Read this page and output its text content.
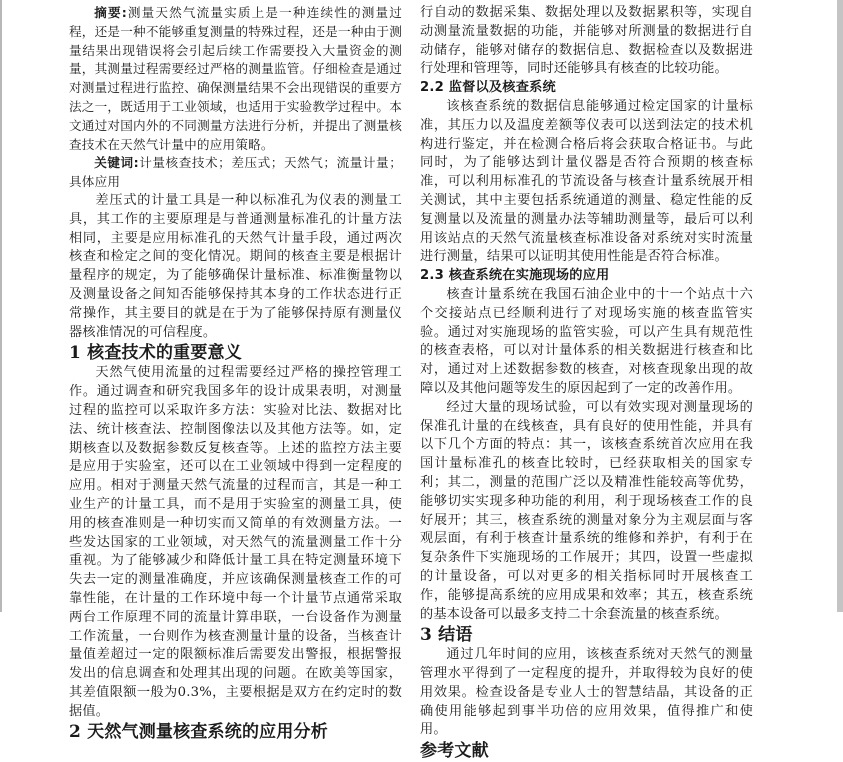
摘要:测量天然气流量实质上是一种连续性的测量过程，还是一种不能够重复测量的特殊过程，还是一种由于测量结果出现错误将会引起后续工作需要投入大量资金的测量，其测量过程需要经过严格的测量监管。仔细检查是通过对测量过程进行监控、确保测量结果不会出现错误的重要方法之一，既适用于工业领域，也适用于实验教学过程中。本文通过对国内外的不同测量方法进行分析，并提出了测量核查技术在天然气计量中的应用策略。

关键词:计量核查技术；差压式；天然气；流量计量；具体应用

差压式的计量工具是一种以标准孔为仪表的测量工具，其工作的主要原理是与普通测量标准孔的计量方法相同，主要是应用标准孔的天然气计量手段，通过两次核查和检定之间的变化情况。期间的核查主要是根据计量程序的规定，为了能够确保计量标准、标准衡量物以及测量设备之间知否能够保持其本身的工作状态进行正常操作，其主要目的就是在于为了能够保持原有测量仪器核准情况的可信程度。

1 核查技术的重要意义

天然气使用流量的过程需要经过严格的操控管理工作。通过调查和研究我国多年的设计成果表明，对测量过程的监控可以采取许多方法：实验对比法、数据对比法、统计核查法、控制图像法以及其他方法等。如，定期核查以及数据参数反复核查等。上述的监控方法主要是应用于实验室，还可以在工业领域中得到一定程度的应用。相对于测量天然气流量的过程而言，其是一种工业生产的计量工具，而不是用于实验室的测量工具，使用的核查准则是一种切实而又简单的有效测量方法。一些发达国家的工业领域，对天然气的流量测量工作十分重视。为了能够减少和降低计量工具在特定测量环境下失去一定的测量准确度，并应该确保测量核查工作的可靠性能，在计量的工作环境中每一个计量节点通常采取两台工作原理不同的流量计算串联，一台设备作为测量工作流量，一台则作为核查测量计量的设备，当核查计量值差超过一定的限额标准后需要发出警报，根据警报发出的信息调查和处理其出现的问题。在欧美等国家，其差值限额一般为0.3%，主要根据是双方在约定时的数据值。

2 天然气测量核查系统的应用分析

行自动的数据采集、数据处理以及数据累积等，实现自动测量流量数据的功能，并能够对所测量的数据进行自动储存，能够对储存的数据信息、数据检查以及数据进行处理和管理等，同时还能够具有核查的比较功能。

2.2 监督以及核查系统

该核查系统的数据信息能够通过检定国家的计量标准，其压力以及温度差额等仪表可以送到法定的技术机构进行鉴定，并在检测合格后将会获取合格证书。与此同时，为了能够达到计量仪器是否符合预期的核查标准，可以利用标准孔的节流设备与核查计量系统展开相关测试，其中主要包括系统通道的测量、稳定性能的反复测量以及流量的测量办法等辅助测量等，最后可以利用该站点的天然气流量核查标准设备对系统对实时流量进行测量，结果可以证明其使用性能是否符合标准。

2.3 核查系统在实施现场的应用

核查计量系统在我国石油企业中的十一个站点十六个交接站点已经顺利进行了对现场实施的核查监管实验。通过对实施现场的监管实验，可以产生具有规范性的核查表格，可以对计量体系的相关数据进行核查和比对，通过对上述数据参数的核查，对核查现象出现的故障以及其他问题等发生的原因起到了一定的改善作用。

经过大量的现场试验，可以有效实现对测量现场的保准孔计量的在线核查，具有良好的使用性能，并具有以下几个方面的特点：其一，该核查系统首次应用在我国计量标准孔的核查比较时，已经获取相关的国家专利；其二，测量的范围广泛以及精准性能较高等优势，能够切实实现多种功能的利用，利于现场核查工作的良好展开；其三，核查系统的测量对象分为主观层面与客观层面，有利于核查计量系统的维修和养护，有利于在复杂条件下实施现场的工作展开；其四，设置一些虚拟的计量设备，可以对更多的相关指标同时开展核查工作，能够提高系统的应用成果和效率；其五，核查系统的基本设备可以最多支持二十余套流量的核查系统。

3 结语

通过几年时间的应用，该核查系统对天然气的测量管理水平得到了一定程度的提升，并取得较为良好的使用效果。检查设备是专业人士的智慧结晶，其设备的正确使用能够起到事半功倍的应用效果，值得推广和使用。

参考文献
